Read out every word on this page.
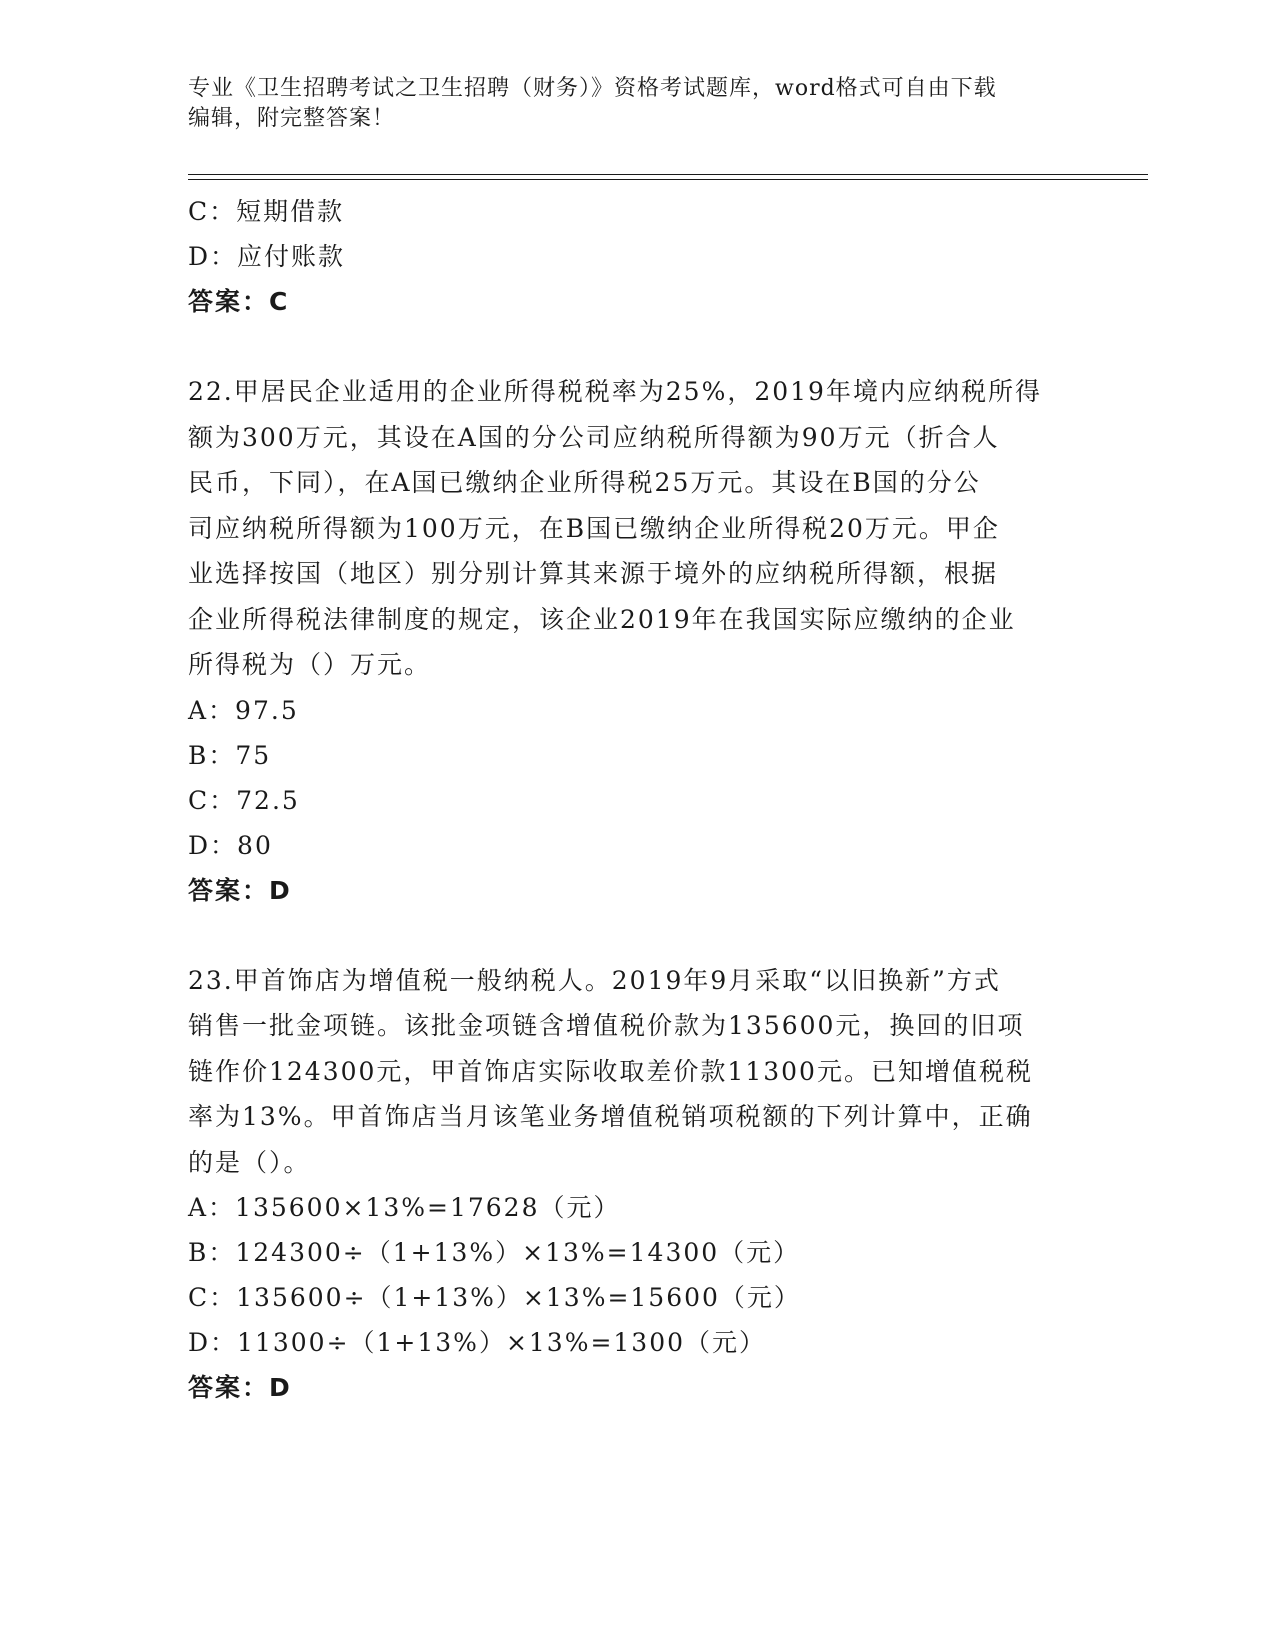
专业《卫生招聘考试之卫生招聘（财务）》资格考试题库，word格式可自由下载
编辑，附完整答案！
C：短期借款
D：应付账款
答案：C
22.甲居民企业适用的企业所得税税率为25%，2019年境内应纳税所得
额为300万元，其设在A国的分公司应纳税所得额为90万元（折合人
民币，下同），在A国已缴纳企业所得税25万元。其设在B国的分公
司应纳税所得额为100万元，在B国已缴纳企业所得税20万元。甲企
业选择按国（地区）别分别计算其来源于境外的应纳税所得额，根据
企业所得税法律制度的规定，该企业2019年在我国实际应缴纳的企业
所得税为（）万元。
A：97.5
B：75
C：72.5
D：80
答案：D
23.甲首饰店为增值税一般纳税人。2019年9月采取“以旧换新”方式
销售一批金项链。该批金项链含增值税价款为135600元，换回的旧项
链作价124300元，甲首饰店实际收取差价款11300元。已知增值税税
率为13%。甲首饰店当月该笔业务增值税销项税额的下列计算中，正确
的是（）。
A：135600×13%=17628（元）
B：124300÷（1+13%）×13%=14300（元）
C：135600÷（1+13%）×13%=15600（元）
D：11300÷（1+13%）×13%=1300（元）
答案：D
